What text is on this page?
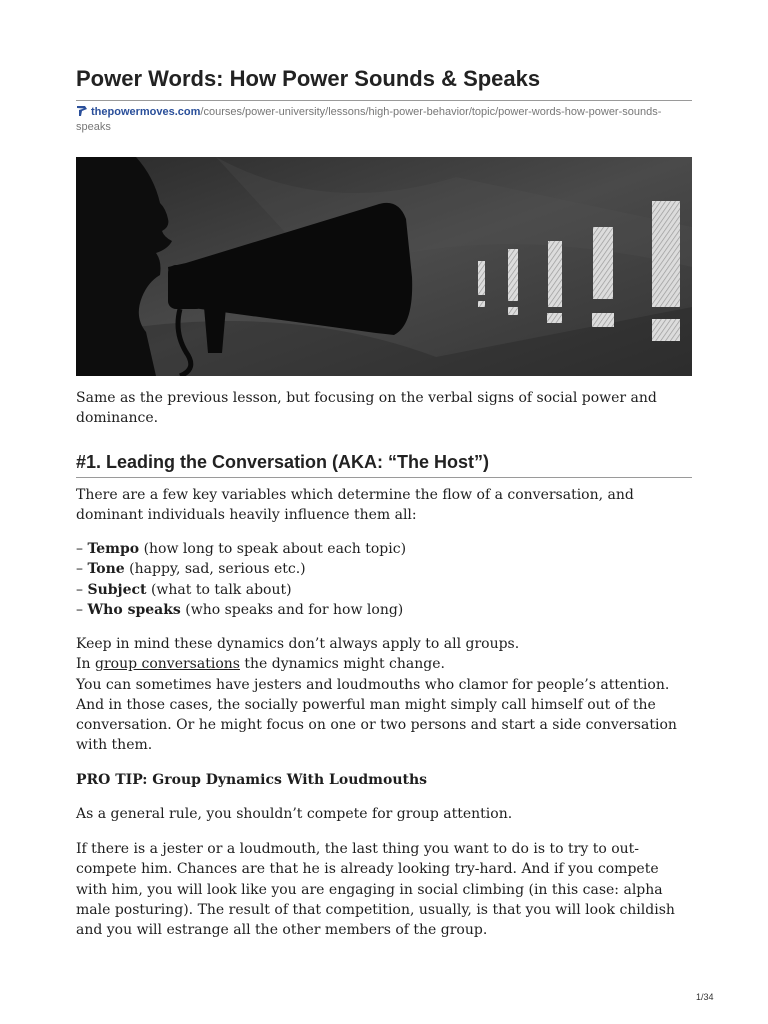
Power Words: How Power Sounds & Speaks
thepowermoves.com/courses/power-university/lessons/high-power-behavior/topic/power-words-how-power-sounds-speaks

Same as the previous lesson, but focusing on the verbal signs of social power and dominance.

#1. Leading the Conversation (AKA: “The Host”)

There are a few key variables which determine the flow of a conversation, and dominant individuals heavily influence them all:

– Tempo (how long to speak about each topic)
– Tone (happy, sad, serious etc.)
– Subject (what to talk about)
– Who speaks (who speaks and for how long)
Keep in mind these dynamics don’t always apply to all groups.
In group conversations the dynamics might change.
You can sometimes have jesters and loudmouths who clamor for people’s attention. And in those cases, the socially powerful man might simply call himself out of the conversation. Or he might focus on one or two persons and start a side conversation with them.

PRO TIP: Group Dynamics With Loudmouths

As a general rule, you shouldn’t compete for group attention.

If there is a jester or a loudmouth, the last thing you want to do is to try to out-compete him. Chances are that he is already looking try-hard. And if you compete with him, you will look like you are engaging in social climbing (in this case: alpha male posturing). The result of that competition, usually, is that you will look childish and you will estrange all the other members of the group.

1/34
